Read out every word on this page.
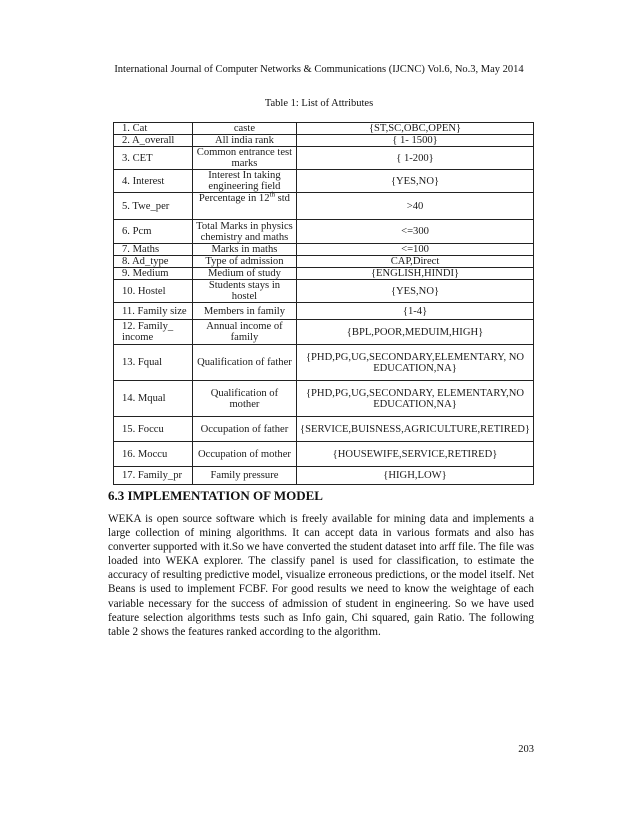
International Journal of Computer Networks & Communications (IJCNC) Vol.6, No.3, May 2014
Table 1: List of Attributes
1. Cat	caste	{ST,SC,OBC,OPEN}
2. A_overall	All india rank	{ 1- 1500}
3. CET	Common entrance test marks	{ 1-200}
4. Interest	Interest In taking engineering field	{YES,NO}
5. Twe_per	Percentage in 12th std	>40
6. Pcm	Total Marks in physics chemistry and maths	<=300
7. Maths	Marks in maths	<=100
8. Ad_type	Type of admission	CAP,Direct
9. Medium	Medium of study	{ENGLISH,HINDI}
10. Hostel	Students stays in hostel	{YES,NO}
11. Family size	Members in family	{1-4}
12. Family_ income	Annual income of family	{BPL,POOR,MEDUIM,HIGH}
13. Fqual	Qualification of father	{PHD,PG,UG,SECONDARY,ELEMENTARY, NO EDUCATION,NA}
14. Mqual	Qualification of mother	{PHD,PG,UG,SECONDARY, ELEMENTARY,NO EDUCATION,NA}
15. Foccu	Occupation of father	{SERVICE,BUISNESS,AGRICULTURE,RETIRED}
16. Moccu	Occupation of mother	{HOUSEWIFE,SERVICE,RETIRED}
17. Family_pr	Family pressure	{HIGH,LOW}
6.3 IMPLEMENTATION OF MODEL
WEKA is open source software which is freely available for mining data and implements a large collection of mining algorithms. It can accept data in various formats and also has converter supported with it.So we have converted the student dataset into arff file. The file was loaded into WEKA explorer. The classify panel is used for classification, to estimate the accuracy of resulting predictive model, visualize erroneous predictions, or the model itself. Net Beans is used to implement FCBF. For good results we need to know the weightage of each variable necessary for the success of admission of student in engineering. So we have used feature selection algorithms tests such as Info gain, Chi squared, gain Ratio. The following table 2 shows the features ranked according to the algorithm.
203
